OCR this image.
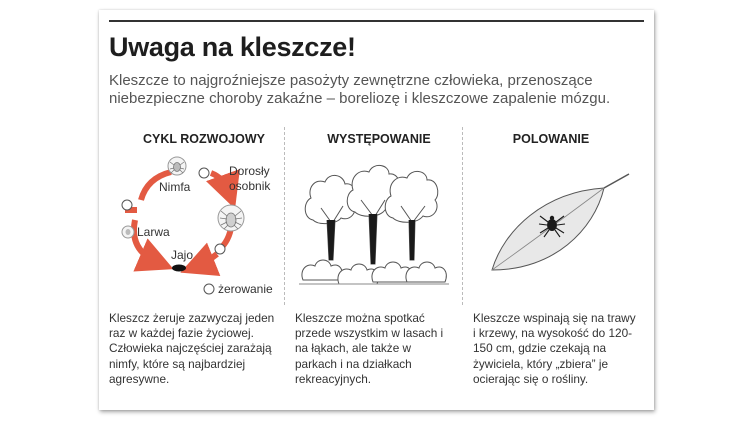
Uwaga na kleszcze!

Kleszcze to najgroźniejsze pasożyty zewnętrzne człowieka, przenoszące niebezpieczne choroby zakaźne – boreliozę i kleszczowe zapalenie mózgu.

CYKL ROZWOJOWY	WYSTĘPOWANIE	POLOWANIE
Nimfa
Dorosły
osobnik
Larwa
Jajo
żerowanie

Kleszcz żeruje zazwyczaj jeden raz w każdej fazie życiowej. Człowieka najczęściej zarażają nimfy, które są najbardziej agresywne.

Kleszcze można spotkać przede wszystkim w lasach i na łąkach, ale także w parkach i na działkach rekreacyjnych.

Kleszcze wspinają się na trawy i krzewy, na wysokość do 120-150 cm, gdzie czekają na żywiciela, który „zbiera” je ocierając się o rośliny.
